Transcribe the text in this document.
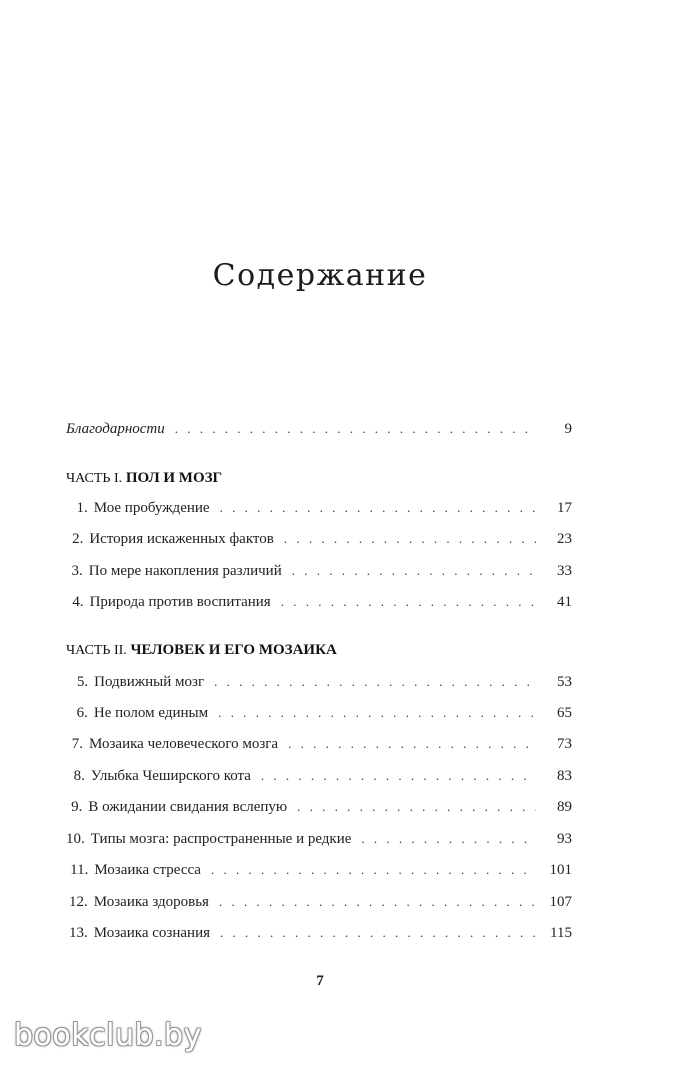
Содержание
Благодарности . . .	9
ЧАСТЬ I. ПОЛ И МОЗГ
1. Мое пробуждение . . .	17
2. История искаженных фактов . . .	23
3. По мере накопления различий . . .	33
4. Природа против воспитания . . .	41
ЧАСТЬ II. ЧЕЛОВЕК И ЕГО МОЗАИКА
5. Подвижный мозг . . .	53
6. Не полом единым . . .	65
7. Мозаика человеческого мозга . . .	73
8. Улыбка Чеширского кота . . .	83
9. В ожидании свидания вслепую . . .	89
10. Типы мозга: распространенные и редкие . . .	93
11. Мозаика стресса . . .	101
12. Мозаика здоровья . . .	107
13. Мозаика сознания . . .	115
7
bookclub.by
